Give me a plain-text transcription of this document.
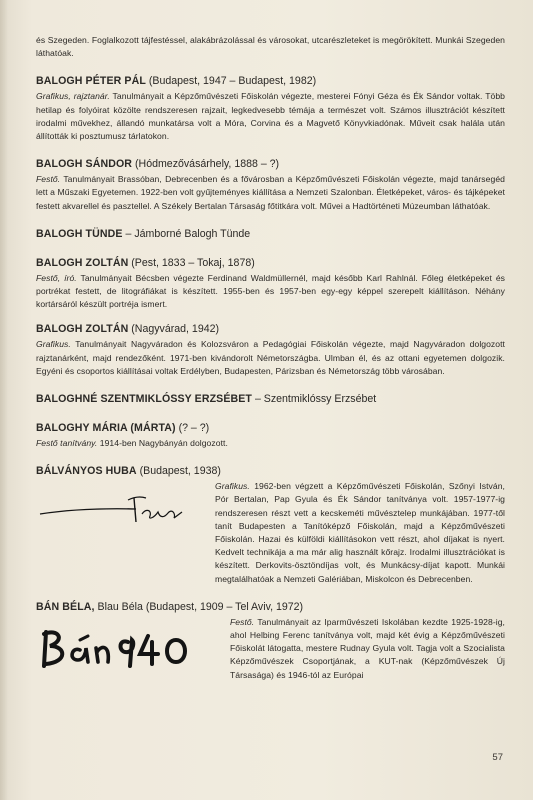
és Szegeden. Foglalkozott tájfestéssel, alakábrázolással és városokat, utcarészleteket is megörökített. Munkái Szegeden láthatóak.

BALOGH PÉTER PÁL (Budapest, 1947 – Budapest, 1982)

Grafikus, rajztanár. Tanulmányait a Képzőművészeti Főiskolán végezte, mesterei Fónyi Géza és Ék Sándor voltak. Több hetilap és folyóirat közölte rendszeresen rajzait, legkedvesebb témája a természet volt. Számos illusztrációt készített irodalmi művekhez, állandó munkatársa volt a Móra, Corvina és a Magvető Könyvkiadónak. Műveit csak halála után állították ki posztumusz tárlatokon.

BALOGH SÁNDOR (Hódmezővásárhely, 1888 – ?)

Festő. Tanulmányait Brassóban, Debrecenben és a fővárosban a Képzőművészeti Főiskolán végezte, majd tanársegéd lett a Műszaki Egyetemen. 1922-ben volt gyűjteményes kiállítása a Nemzeti Szalonban. Életképeket, város- és tájképeket festett akvarellel és pasztellel. A Székely Bertalan Társaság főtitkára volt. Művei a Hadtörténeti Múzeumban láthatóak.

BALOGH TÜNDE – Jámborné Balogh Tünde

BALOGH ZOLTÁN (Pest, 1833 – Tokaj, 1878)

Festő, író. Tanulmányait Bécsben végezte Ferdinand Waldmüllernél, majd később Karl Rahlnál. Főleg életképeket és portrékat festett, de litográfiákat is készített. 1955-ben és 1957-ben egy-egy képpel szerepelt kiállításon. Néhány kortársáról készült portréja ismert.

BALOGH ZOLTÁN (Nagyvárad, 1942)

Grafikus. Tanulmányait Nagyváradon és Kolozsváron a Pedagógiai Főiskolán végezte, majd Nagyváradon dolgozott rajztanárként, majd rendezőként. 1971-ben kivándorolt Németországba. Ulmban él, és az ottani egyetemen dolgozik. Egyéni és csoportos kiállításai voltak Erdélyben, Budapesten, Párizsban és Németország több városában.

BALOGHNÉ SZENTMIKLÓSSY ERZSÉBET – Szentmiklóssy Erzsébet

BALOGHY MÁRIA (MÁRTA) (? – ?)

Festő tanítvány. 1914-ben Nagybányán dolgozott.

BÁLVÁNYOS HUBA (Budapest, 1938)

Grafikus. 1962-ben végzett a Képzőművészeti Főiskolán, Szőnyi István, Pór Bertalan, Pap Gyula és Ék Sándor tanítványa volt. 1957-1977-ig rendszeresen részt vett a kecskeméti művésztelep munkájában. 1977-től tanít Budapesten a Tanítóképző Főiskolán, majd a Képzőművészeti Főiskolán. Hazai és külföldi kiállításokon vett részt, ahol díjakat is nyert. Kedvelt technikája a ma már alig használt kőrajz. Irodalmi illusztrációkat is készített. Derkovits-ösztöndíjas volt, és Munkácsy-díjat kapott. Munkái megtalálhatóak a Nemzeti Galériában, Miskolcon és Debrecenben.

BÁN BÉLA, Blau Béla (Budapest, 1909 – Tel Aviv, 1972)

Festő. Tanulmányait az Iparművészeti Iskolában kezdte 1925-1928-ig, ahol Helbing Ferenc tanítványa volt, majd két évig a Képzőművészeti Főiskolát látogatta, mestere Rudnay Gyula volt. Tagja volt a Szocialista Képzőművészek Csoportjának, a KUT-nak (Képzőművészek Új Társasága) és 1946-tól az Európai

57
